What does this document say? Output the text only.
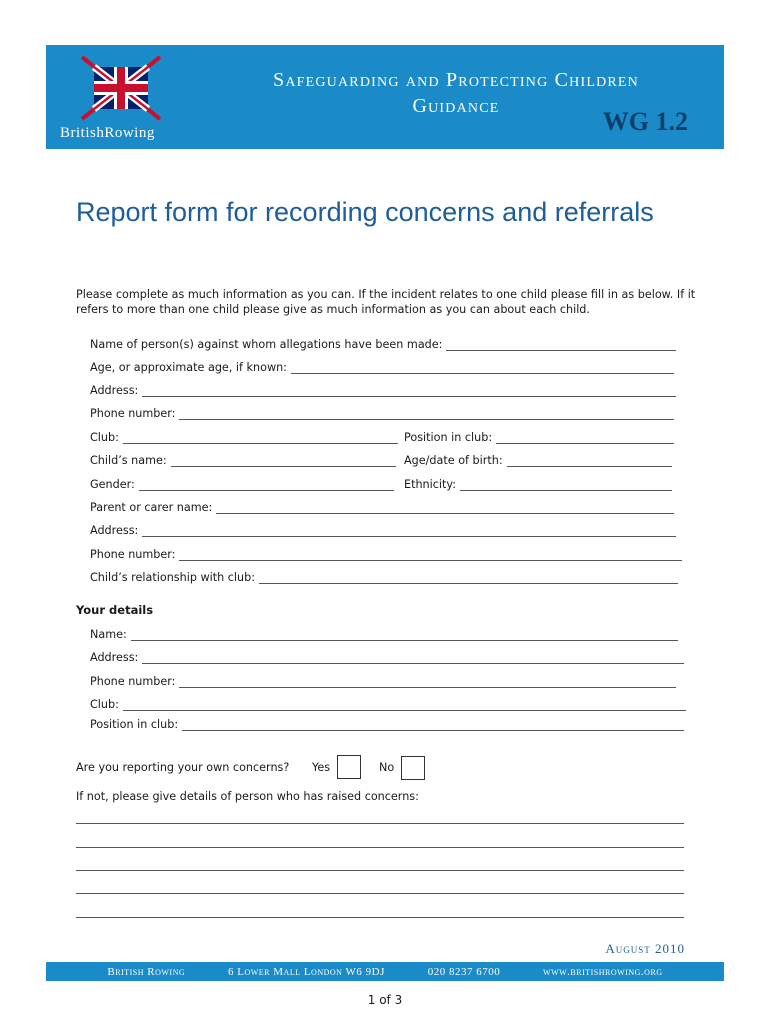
BritishRowing
Safeguarding and Protecting Children
Guidance
WG 1.2
Report form for recording concerns and referrals
Please complete as much information as you can. If the incident relates to one child please fill in as below. If it refers to more than one child please give as much information as you can about each child.
Name of person(s) against whom allegations have been made:
Age, or approximate age, if known:
Address:
Phone number:
Club:	Position in club:
Child’s name:	Age/date of birth:
Gender:	Ethnicity:
Parent or carer name:
Address:
Phone number:
Child’s relationship with club:
Your details
Name:
Address:
Phone number:
Club:
Position in club:
Are you reporting your own concerns? Yes	No
If not, please give details of person who has raised concerns:
August 2010
British Rowing	6 Lower Mall London W6 9DJ	020 8237 6700	www.britishrowing.org
1 of 3
